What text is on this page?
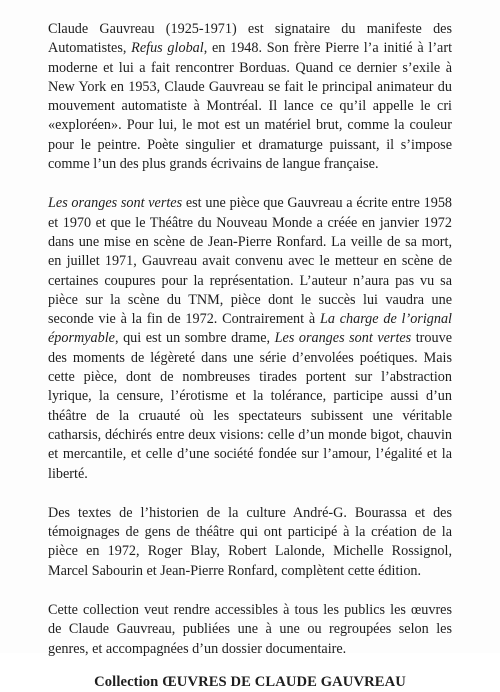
Claude Gauvreau (1925-1971) est signataire du manifeste des Automatistes, Refus global, en 1948. Son frère Pierre l’a initié à l’art moderne et lui a fait rencontrer Borduas. Quand ce dernier s’exile à New York en 1953, Claude Gauvreau se fait le principal animateur du mouvement automatiste à Montréal. Il lance ce qu’il appelle le cri «exploréen». Pour lui, le mot est un matériel brut, comme la couleur pour le peintre. Poète singulier et dramaturge puissant, il s’impose comme l’un des plus grands écrivains de langue française.

Les oranges sont vertes est une pièce que Gauvreau a écrite entre 1958 et 1970 et que le Théâtre du Nouveau Monde a créée en janvier 1972 dans une mise en scène de Jean-Pierre Ronfard. La veille de sa mort, en juillet 1971, Gauvreau avait convenu avec le metteur en scène de certaines coupures pour la représentation. L’auteur n’aura pas vu sa pièce sur la scène du TNM, pièce dont le succès lui vaudra une seconde vie à la fin de 1972. Contrairement à La charge de l’orignal épormyable, qui est un sombre drame, Les oranges sont vertes trouve des moments de légèreté dans une série d’envolées poétiques. Mais cette pièce, dont de nombreuses tirades portent sur l’abstraction lyrique, la censure, l’érotisme et la tolérance, participe aussi d’un théâtre de la cruauté où les spectateurs subissent une véritable catharsis, déchirés entre deux visions: celle d’un monde bigot, chauvin et mercantile, et celle d’une société fondée sur l’amour, l’égalité et la liberté.

Des textes de l’historien de la culture André-G. Bourassa et des témoignages de gens de théâtre qui ont participé à la création de la pièce en 1972, Roger Blay, Robert Lalonde, Michelle Rossignol, Marcel Sabourin et Jean-Pierre Ronfard, complètent cette édition.

Cette collection veut rendre accessibles à tous les publics les œuvres de Claude Gauvreau, publiées une à une ou regroupées selon les genres, et accompagnées d’un dossier documentaire.

Collection ŒUVRES DE CLAUDE GAUVREAU
